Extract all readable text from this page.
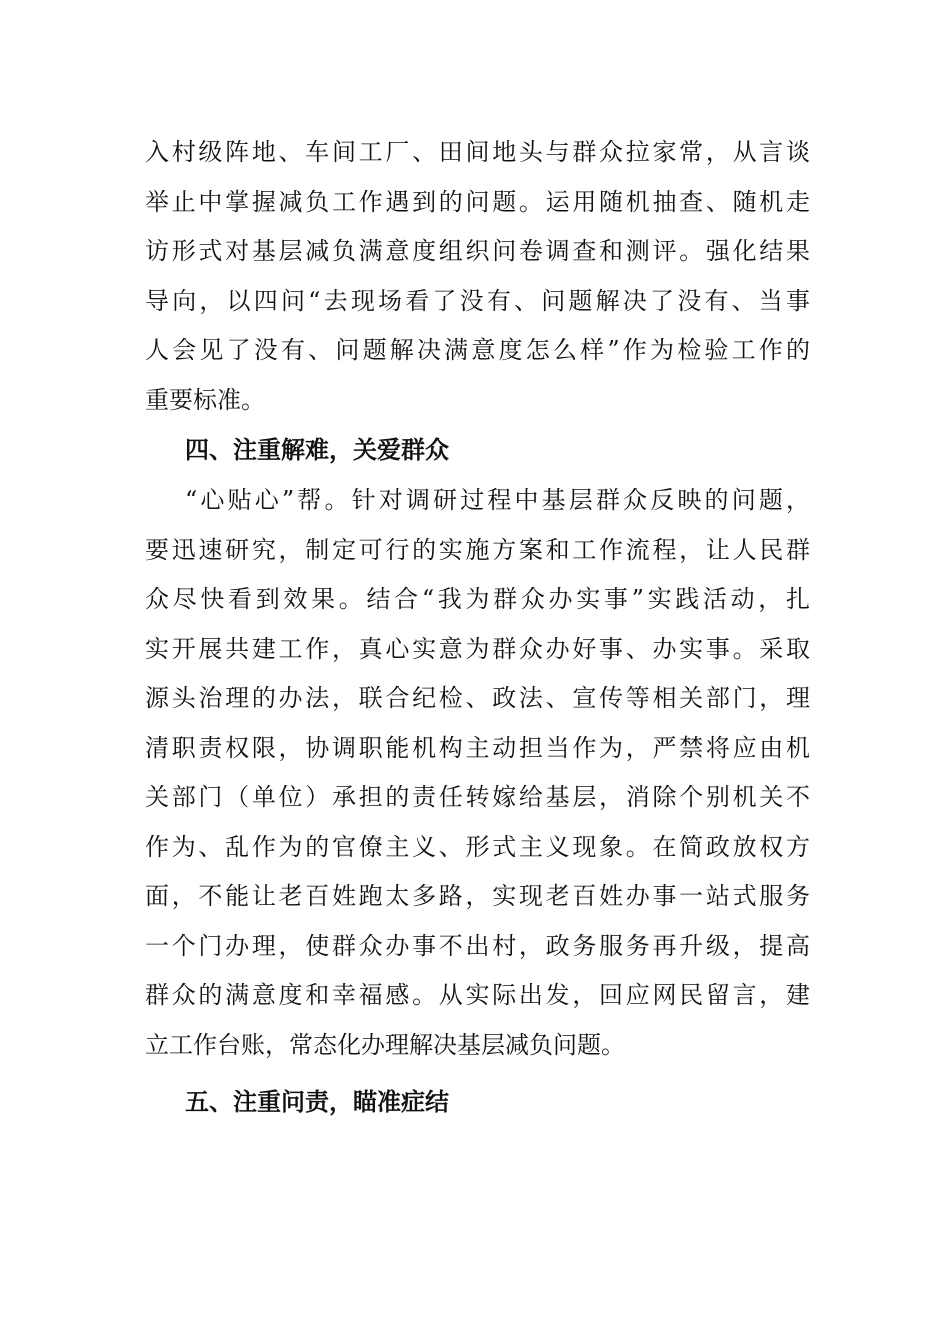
入村级阵地、车间工厂、田间地头与群众拉家常，从言谈
举止中掌握减负工作遇到的问题。运用随机抽查、随机走
访形式对基层减负满意度组织问卷调查和测评。强化结果
导向，以四问“去现场看了没有、问题解决了没有、当事
人会见了没有、问题解决满意度怎么样”作为检验工作的
重要标准。
四、注重解难，关爱群众
“心贴心”帮。针对调研过程中基层群众反映的问题，
要迅速研究，制定可行的实施方案和工作流程，让人民群
众尽快看到效果。结合“我为群众办实事”实践活动，扎
实开展共建工作，真心实意为群众办好事、办实事。采取
源头治理的办法，联合纪检、政法、宣传等相关部门，理
清职责权限，协调职能机构主动担当作为，严禁将应由机
关部门（单位）承担的责任转嫁给基层，消除个别机关不
作为、乱作为的官僚主义、形式主义现象。在简政放权方
面，不能让老百姓跑太多路，实现老百姓办事一站式服务
一个门办理，使群众办事不出村，政务服务再升级，提高
群众的满意度和幸福感。从实际出发，回应网民留言，建
立工作台账，常态化办理解决基层减负问题。
五、注重问责，瞄准症结
